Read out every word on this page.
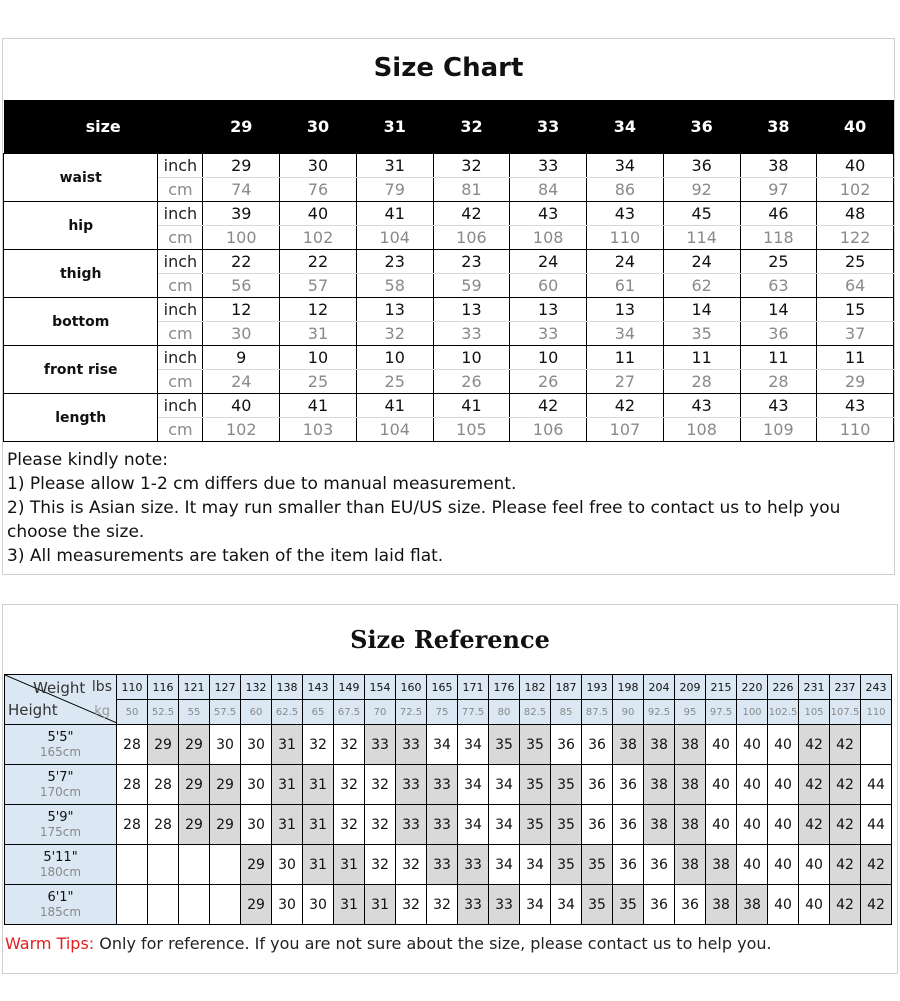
Size Chart
size		29	30	31	32	33	34	36	38	40
waist	inch	29	30	31	32	33	34	36	38	40
	cm	74	76	79	81	84	86	92	97	102
hip	inch	39	40	41	42	43	43	45	46	48
	cm	100	102	104	106	108	110	114	118	122
thigh	inch	22	22	23	23	24	24	24	25	25
	cm	56	57	58	59	60	61	62	63	64
bottom	inch	12	12	13	13	13	13	14	14	15
	cm	30	31	32	33	33	34	35	36	37
front rise	inch	9	10	10	10	10	11	11	11	11
	cm	24	25	25	26	26	27	28	28	29
length	inch	40	41	41	41	42	42	43	43	43
	cm	102	103	104	105	106	107	108	109	110

Please kindly note:

1) Please allow 1-2 cm differs due to manual measurement.

2) This is Asian size. It may run smaller than EU/US size. Please feel free to contact us to help you choose the size.

3) All measurements are taken of the item laid flat.

Size Reference
Weight lbs
Height kg	110	116	121	127	132	138	143	149	154	160	165	171	176	182	187	193	198	204	209	215	220	226	231	237	243
	50	52.5	55	57.5	60	62.5	65	67.5	70	72.5	75	77.5	80	82.5	85	87.5	90	92.5	95	97.5	100	102.5	105	107.5	110

5'5"
165cm	28	29	29	30	30	31	32	32	33	33	34	34	35	35	36	36	38	38	38	40	40	40	42	42	

5'7"
170cm	28	28	29	29	30	31	31	32	32	33	33	34	34	35	35	36	36	38	38	40	40	40	42	42	44

5'9"
175cm	28	28	29	29	30	31	31	32	32	33	33	34	34	35	35	36	36	38	38	40	40	40	42	42	44

5'11"
180cm					29	30	31	31	32	32	33	33	34	34	35	35	36	36	38	38	40	40	40	42	42

6'1"
185cm					29	30	30	31	31	32	32	33	33	34	34	35	35	36	36	38	38	40	40	42	42
Warm Tips: Only for reference. If you are not sure about the size, please contact us to help you.
